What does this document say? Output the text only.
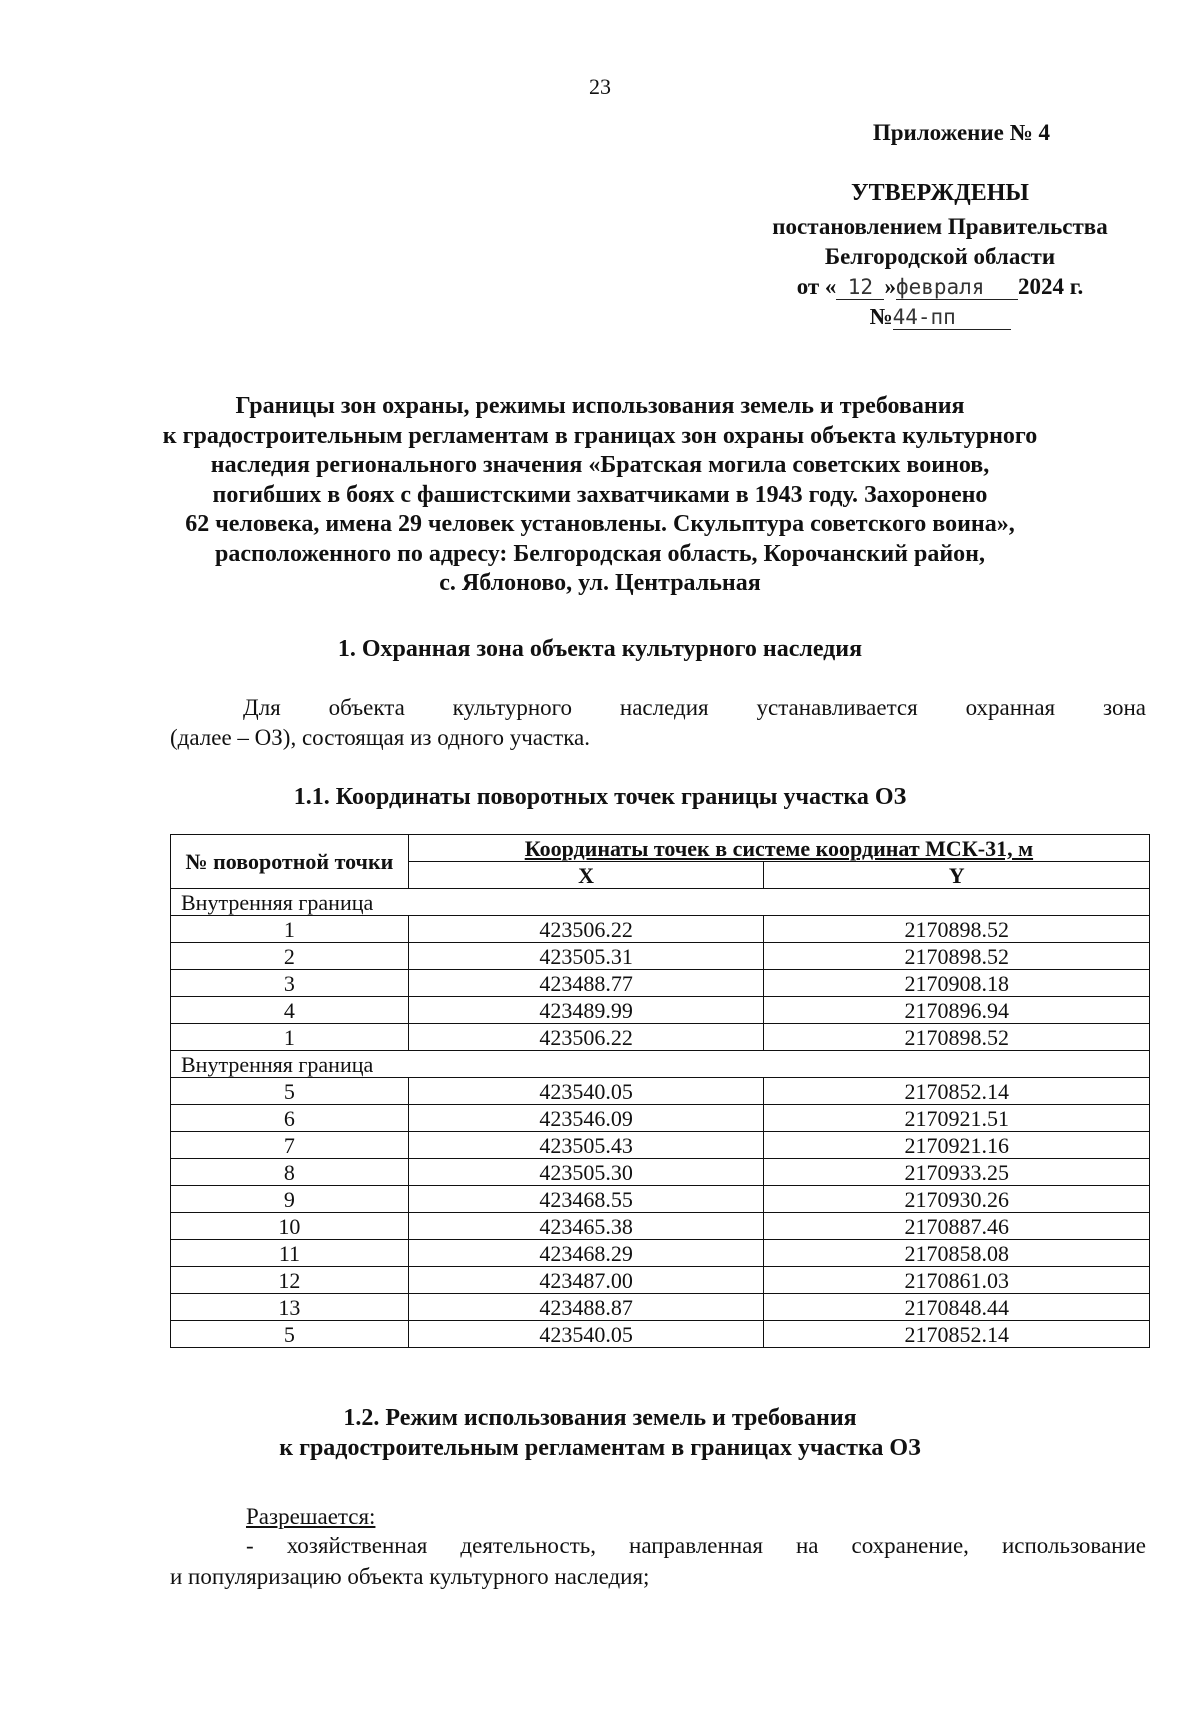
23
Приложение № 4
УТВЕРЖДЕНЫ
постановлением Правительства
Белгородской области
от « 12 »февраля 2024 г.
№44-пп
Границы зон охраны, режимы использования земель и требования
к градостроительным регламентам в границах зон охраны объекта культурного
наследия регионального значения «Братская могила советских воинов,
погибших в боях с фашистскими захватчиками в 1943 году. Захоронено
62 человека, имена 29 человек установлены. Скульптура советского воина»,
расположенного по адресу: Белгородская область, Корочанский район,
с. Яблоново, ул. Центральная
1. Охранная зона объекта культурного наследия
Для объекта культурного наследия устанавливается охранная зона
(далее – ОЗ), состоящая из одного участка.
1.1. Координаты поворотных точек границы участка ОЗ
№ поворотной точки	Координаты точек в системе координат МСК-31, м	
	X	Y
Внутренняя граница		
1	423506.22	2170898.52
2	423505.31	2170898.52
3	423488.77	2170908.18
4	423489.99	2170896.94
1	423506.22	2170898.52
Внутренняя граница		
5	423540.05	2170852.14
6	423546.09	2170921.51
7	423505.43	2170921.16
8	423505.30	2170933.25
9	423468.55	2170930.26
10	423465.38	2170887.46
11	423468.29	2170858.08
12	423487.00	2170861.03
13	423488.87	2170848.44
5	423540.05	2170852.14
1.2. Режим использования земель и требования
к градостроительным регламентам в границах участка ОЗ
Разрешается:
- хозяйственная деятельность, направленная на сохранение, использование
и популяризацию объекта культурного наследия;
